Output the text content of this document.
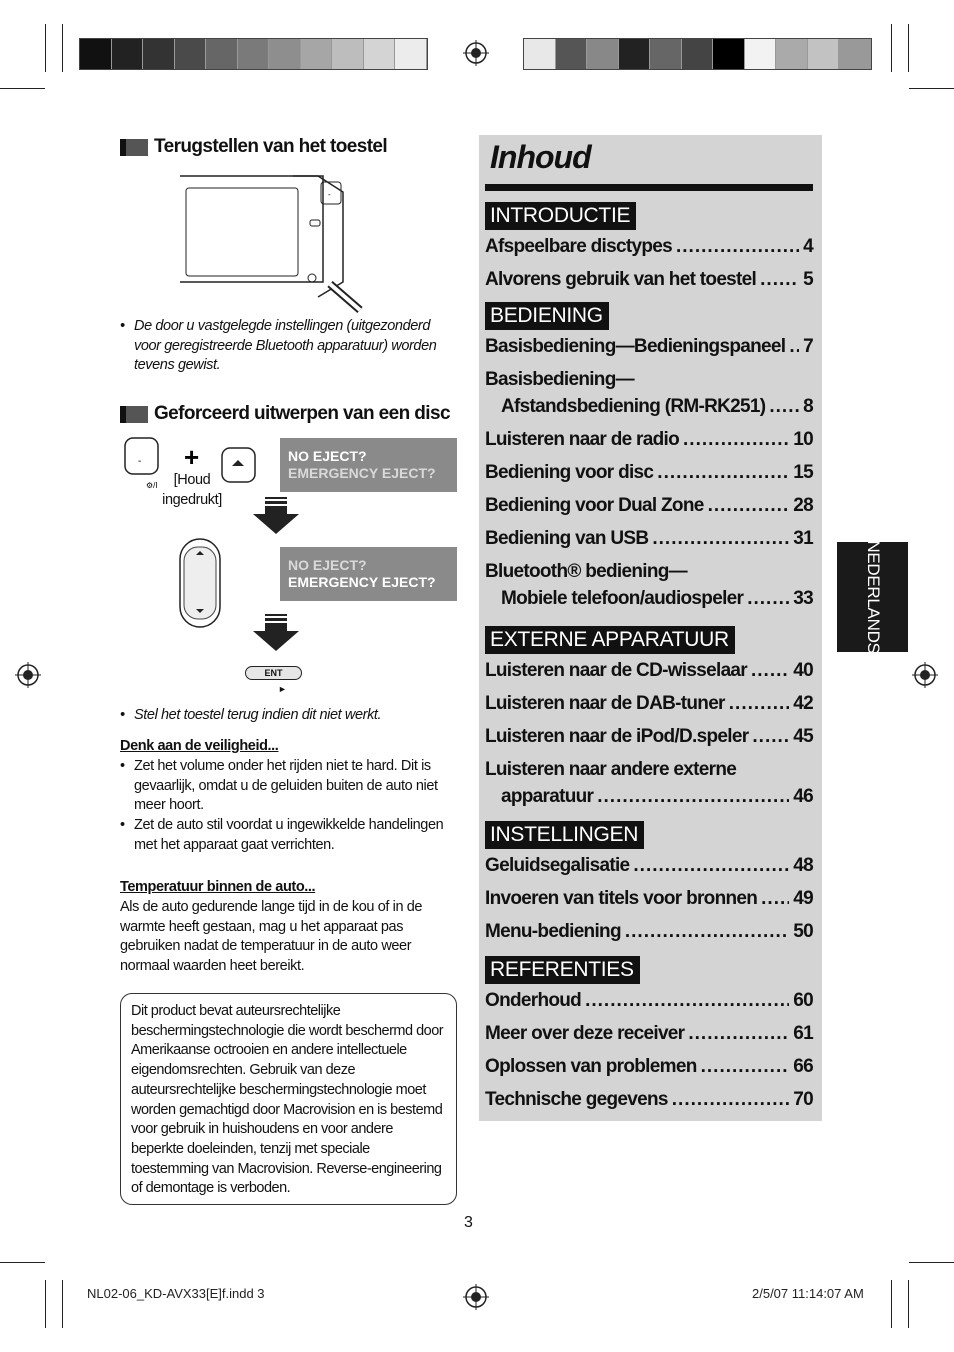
Terugstellen van het toestel
-
• De door u vastgelegde instellingen (uitgezonderd voor geregistreerde Bluetooth apparatuur) worden tevens gewist.
Geforceerd uitwerpen van een disc
- +
⚙/I	[Houd ingedrukt]
NO EJECT?
EMERGENCY EJECT?
NO EJECT?
EMERGENCY EJECT?
ENT
►
• Stel het toestel terug indien dit niet werkt.
Denk aan de veiligheid...
• Zet het volume onder het rijden niet te hard. Dit is gevaarlijk, omdat u de geluiden buiten de auto niet meer hoort.
• Zet de auto stil voordat u ingewikkelde handelingen met het apparaat gaat verrichten.
Temperatuur binnen de auto...
Als de auto gedurende lange tijd in de kou of in de warmte heeft gestaan, mag u het apparaat pas gebruiken nadat de temperatuur in de auto weer normaal waarden heet bereikt.
Dit product bevat auteursrechtelijke beschermingstechnologie die wordt beschermd door Amerikaanse octrooien en andere intellectuele eigendomsrechten. Gebruik van deze auteursrechtelijke beschermingstechnologie moet worden gemachtigd door Macrovision en is bestemd voor gebruik in huishoudens en voor andere beperkte doeleinden, tenzij met speciale toestemming van Macrovision. Reverse-engineering of demontage is verboden.
Inhoud
INTRODUCTIE
Afspeelbare disctypes .....	4
Alvorens gebruik van het toestel ..... 5
BEDIENING
Basisbediening—Bedieningspaneel ..... 7
Basisbediening—
Afstandsbediening (RM-RK251) ..... 8
Luisteren naar de radio .....	10
Bediening voor disc .....	15
Bediening voor Dual Zone .....	28
Bediening van USB .....	31
Bluetooth® bediening—
Mobiele telefoon/audiospeler .....	33
EXTERNE APPARATUUR
Luisteren naar de CD-wisselaar ..... 40
Luisteren naar de DAB-tuner .....	42
Luisteren naar de iPod/D.speler ..... 45
Luisteren naar andere externe
apparatuur .....	46
INSTELLINGEN
Geluidsegalisatie .....	48
Invoeren van titels voor bronnen ..... 49
Menu-bediening .....	50
REFERENTIES
Onderhoud .....	60
Meer over deze receiver .....	61
Oplossen van problemen .....	66
Technische gegevens .....	70
NEDERLANDS
3
NL02-06_KD-AVX33[E]f.indd 3	2/5/07 11:14:07 AM
